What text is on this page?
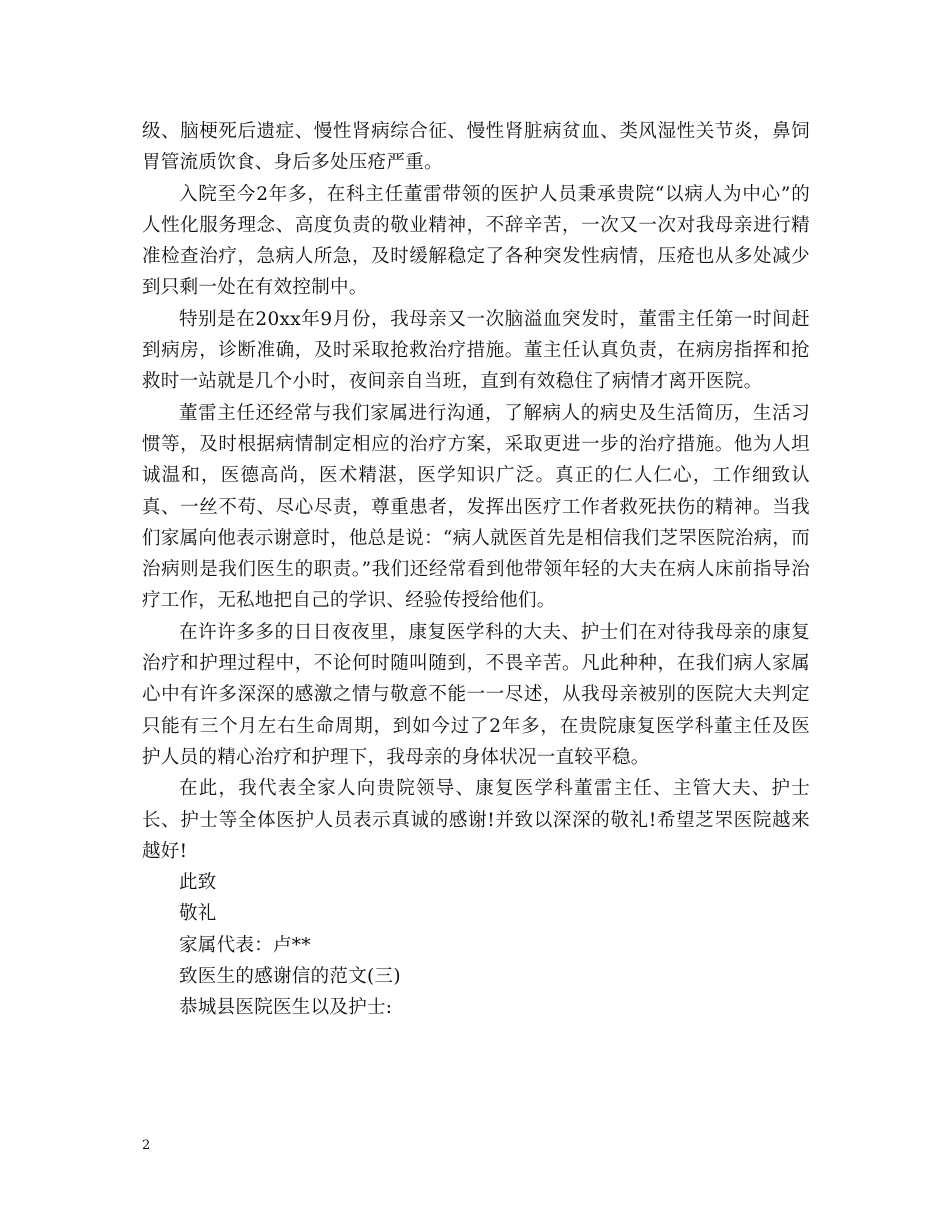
级、脑梗死后遗症、慢性肾病综合征、慢性肾脏病贫血、类风湿性关节炎，鼻饲胃管流质饮食、身后多处压疮严重。

入院至今2年多，在科主任董雷带领的医护人员秉承贵院“以病人为中心”的人性化服务理念、高度负责的敬业精神，不辞辛苦，一次又一次对我母亲进行精准检查治疗，急病人所急，及时缓解稳定了各种突发性病情，压疮也从多处减少到只剩一处在有效控制中。

特别是在20xx年9月份，我母亲又一次脑溢血突发时，董雷主任第一时间赶到病房，诊断准确，及时采取抢救治疗措施。董主任认真负责，在病房指挥和抢救时一站就是几个小时，夜间亲自当班，直到有效稳住了病情才离开医院。

董雷主任还经常与我们家属进行沟通，了解病人的病史及生活简历，生活习惯等，及时根据病情制定相应的治疗方案，采取更进一步的治疗措施。他为人坦诚温和，医德高尚，医术精湛，医学知识广泛。真正的仁人仁心，工作细致认真、一丝不苟、尽心尽责，尊重患者，发挥出医疗工作者救死扶伤的精神。当我们家属向他表示谢意时，他总是说：“病人就医首先是相信我们芝罘医院治病，而治病则是我们医生的职责。”我们还经常看到他带领年轻的大夫在病人床前指导治疗工作，无私地把自己的学识、经验传授给他们。

在许许多多的日日夜夜里，康复医学科的大夫、护士们在对待我母亲的康复治疗和护理过程中，不论何时随叫随到，不畏辛苦。凡此种种，在我们病人家属心中有许多深深的感激之情与敬意不能一一尽述，从我母亲被别的医院大夫判定只能有三个月左右生命周期，到如今过了2年多，在贵院康复医学科董主任及医护人员的精心治疗和护理下，我母亲的身体状况一直较平稳。

在此，我代表全家人向贵院领导、康复医学科董雷主任、主管大夫、护士长、护士等全体医护人员表示真诚的感谢!并致以深深的敬礼!希望芝罘医院越来越好!

此致

敬礼

家属代表：卢**

致医生的感谢信的范文(三)

恭城县医院医生以及护士:

2
